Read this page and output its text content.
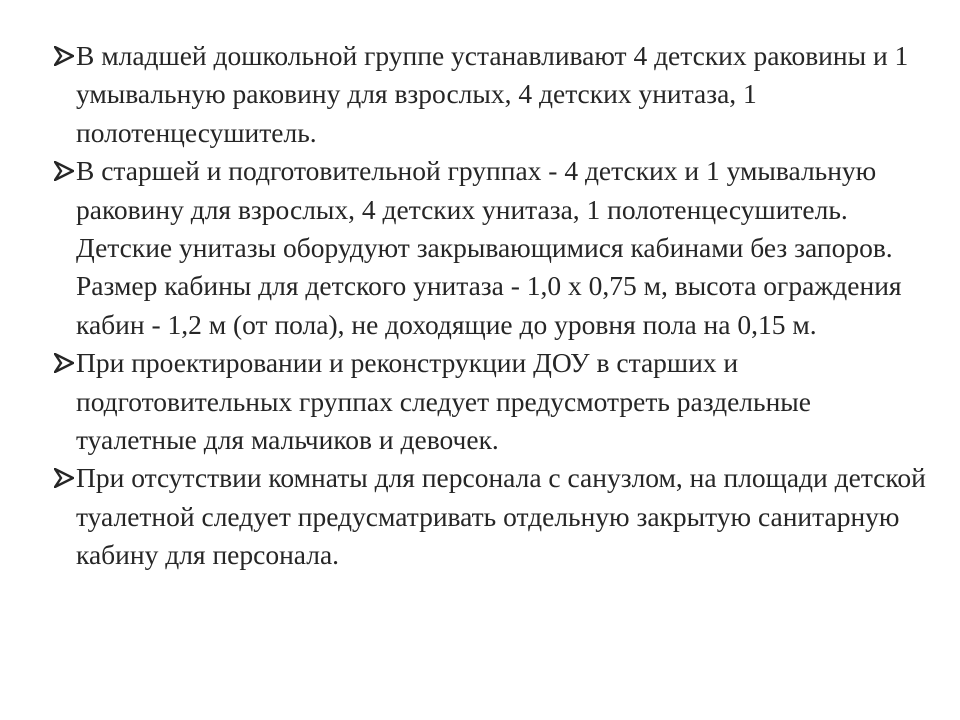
В младшей дошкольной группе устанавливают 4 детских раковины и 1 умывальную раковину для взрослых, 4 детских унитаза, 1 полотенцесушитель.
В старшей и подготовительной группах - 4 детских и 1 умывальную раковину для взрослых, 4 детских унитаза, 1 полотенцесушитель. Детские унитазы оборудуют закрывающимися кабинами без запоров. Размер кабины для детского унитаза - 1,0 х 0,75 м, высота ограждения кабин - 1,2 м (от пола), не доходящие до уровня пола на 0,15 м.
При проектировании и реконструкции ДОУ в старших и подготовительных группах следует предусмотреть раздельные туалетные для мальчиков и девочек.
При отсутствии комнаты для персонала с санузлом, на площади детской туалетной следует предусматривать отдельную закрытую санитарную кабину для персонала.
